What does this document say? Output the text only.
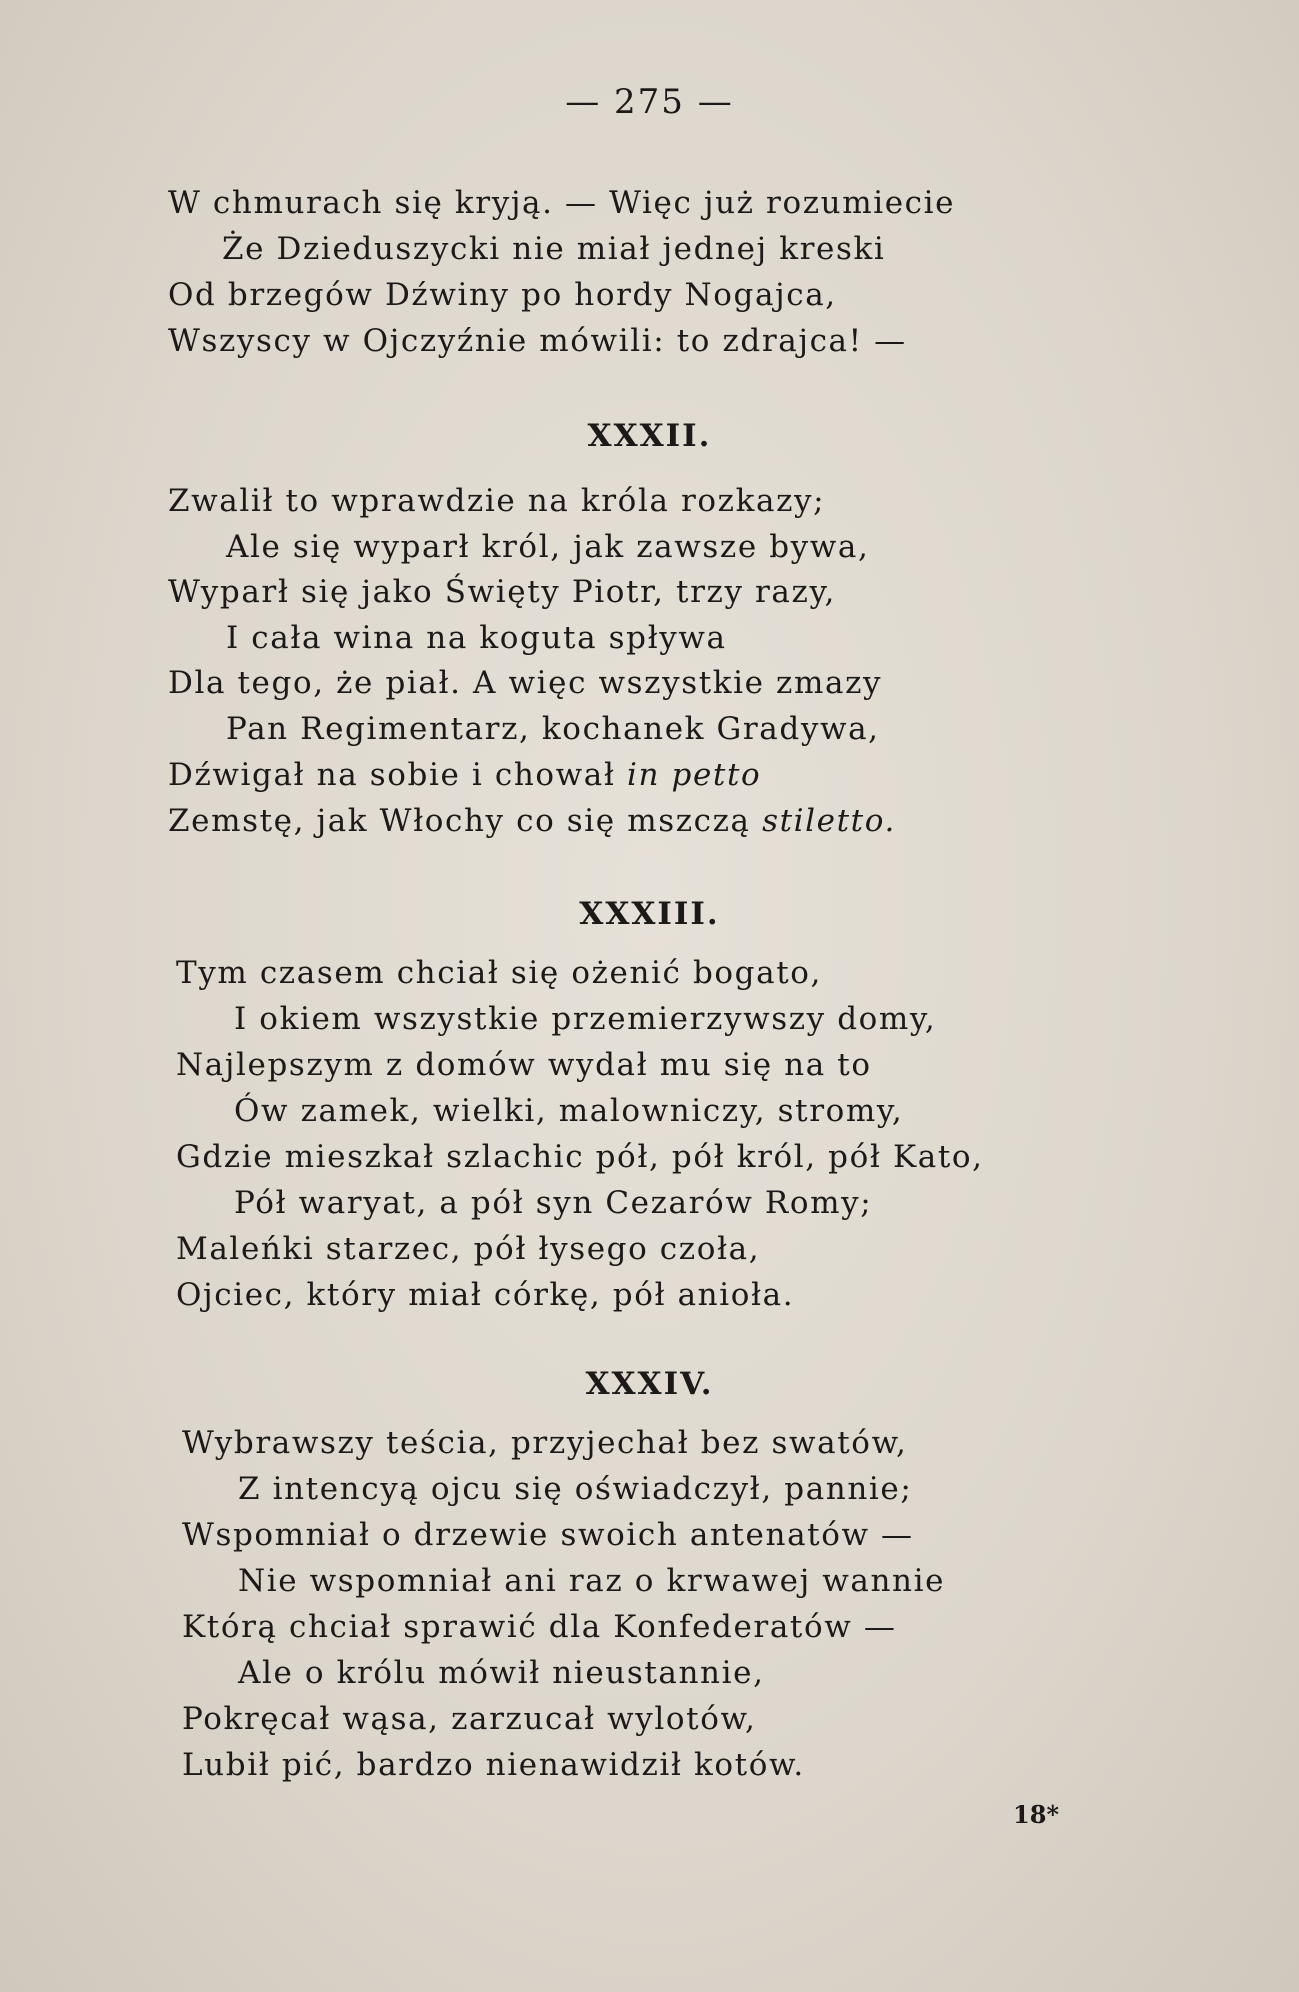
— 275 —
W chmurach się kryją. — Więc już rozumiecie
Że Dzieduszycki nie miał jednej kreski
Od brzegów Dźwiny po hordy Nogajca,
Wszyscy w Ojczyźnie mówili: to zdrajca! —
XXXII.
Zwalił to wprawdzie na króla rozkazy;
Ale się wyparł król, jak zawsze bywa,
Wyparł się jako Święty Piotr, trzy razy,
I cała wina na koguta spływa
Dla tego, że piał. A więc wszystkie zmazy
Pan Regimentarz, kochanek Gradywa,
Dźwigał na sobie i chował in petto
Zemstę, jak Włochy co się mszczą stiletto.
XXXIII.
Tym czasem chciał się ożenić bogato,
I okiem wszystkie przemierzywszy domy,
Najlepszym z domów wydał mu się na to
Ów zamek, wielki, malowniczy, stromy,
Gdzie mieszkał szlachic pół, pół król, pół Kato,
Pół waryat, a pół syn Cezarów Romy;
Maleńki starzec, pół łysego czoła,
Ojciec, który miał córkę, pół anioła.
XXXIV.
Wybrawszy teścia, przyjechał bez swatów,
Z intencyą ojcu się oświadczył, pannie;
Wspomniał o drzewie swoich antenatów —
Nie wspomniał ani raz o krwawej wannie
Którą chciał sprawić dla Konfederatów —
Ale o królu mówił nieustannie,
Pokręcał wąsa, zarzucał wylotów,
Lubił pić, bardzo nienawidził kotów.
18*
